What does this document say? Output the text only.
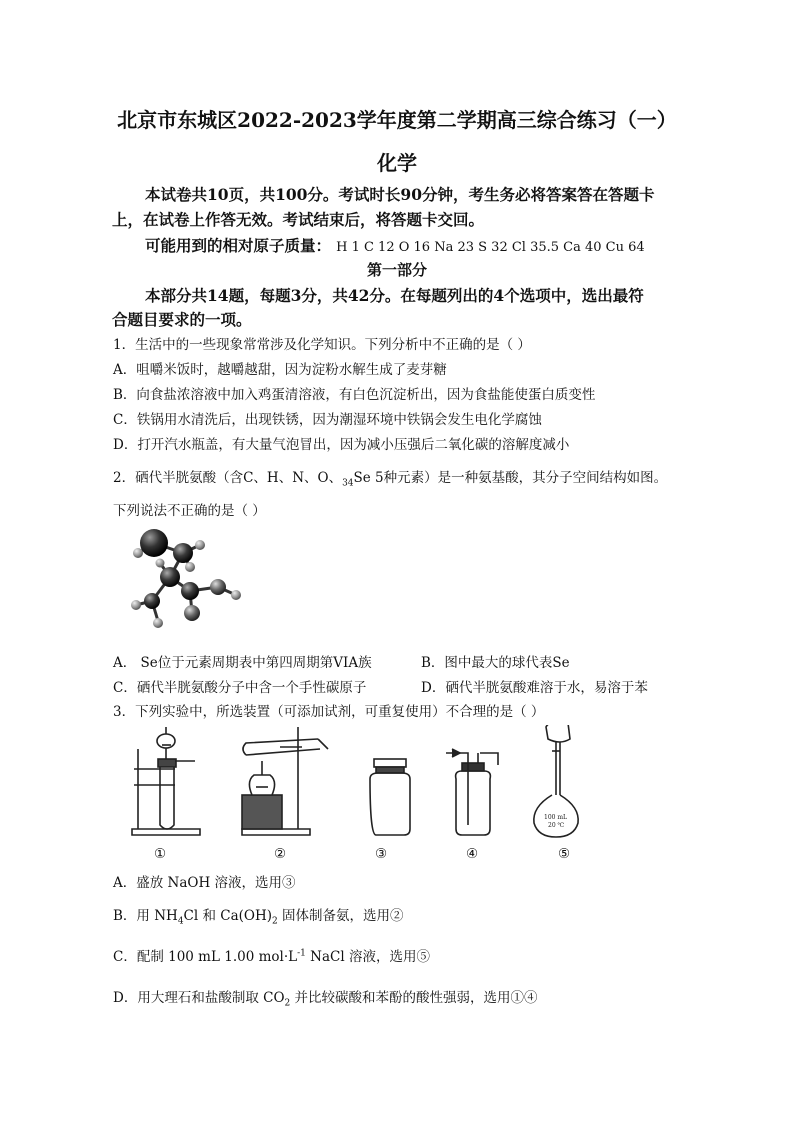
北京市东城区2022-2023学年度第二学期高三综合练习（一）
化学
本试卷共10页，共100分。考试时长90分钟，考生务必将答案答在答题卡
上，在试卷上作答无效。考试结束后，将答题卡交回。
可能用到的相对原子质量： H 1 C 12 O 16 Na 23 S 32 Cl 35.5 Ca 40 Cu 64
第一部分
本部分共14题，每题3分，共42分。在每题列出的4个选项中，选出最符
合题目要求的一项。
1．生活中的一些现象常常涉及化学知识。下列分析中不正确的是（ ）
A．咀嚼米饭时，越嚼越甜，因为淀粉水解生成了麦芽糖
B．向食盐浓溶液中加入鸡蛋清溶液，有白色沉淀析出，因为食盐能使蛋白质变性
C．铁锅用水清洗后，出现铁锈，因为潮湿环境中铁锅会发生电化学腐蚀
D．打开汽水瓶盖，有大量气泡冒出，因为减小压强后二氧化碳的溶解度减小
2．硒代半胱氨酸（含C、H、N、O、$_{34}$Se 5种元素）是一种氨基酸，其分子空间结构如图。
下列说法不正确的是（ ）
A． Se位于元素周期表中第四周期第VIA族	B．图中最大的球代表Se
C．硒代半胱氨酸分子中含一个手性碳原子	D．硒代半胱氨酸难溶于水，易溶于苯
3．下列实验中，所选装置（可添加试剂，可重复使用）不合理的是（ ）
100 mL
20 ℃
①	②	③	④	⑤
A．盛放 NaOH 溶液，选用③
B．用 $NH_4Cl$ 和 $Ca(OH)_2$ 固体制备氨，选用②
C．配制 100 mL 1.00 $mol\cdot L^{-1}$ NaCl 溶液，选用⑤
D．用大理石和盐酸制取 $CO_2$ 并比较碳酸和苯酚的酸性强弱，选用①④
